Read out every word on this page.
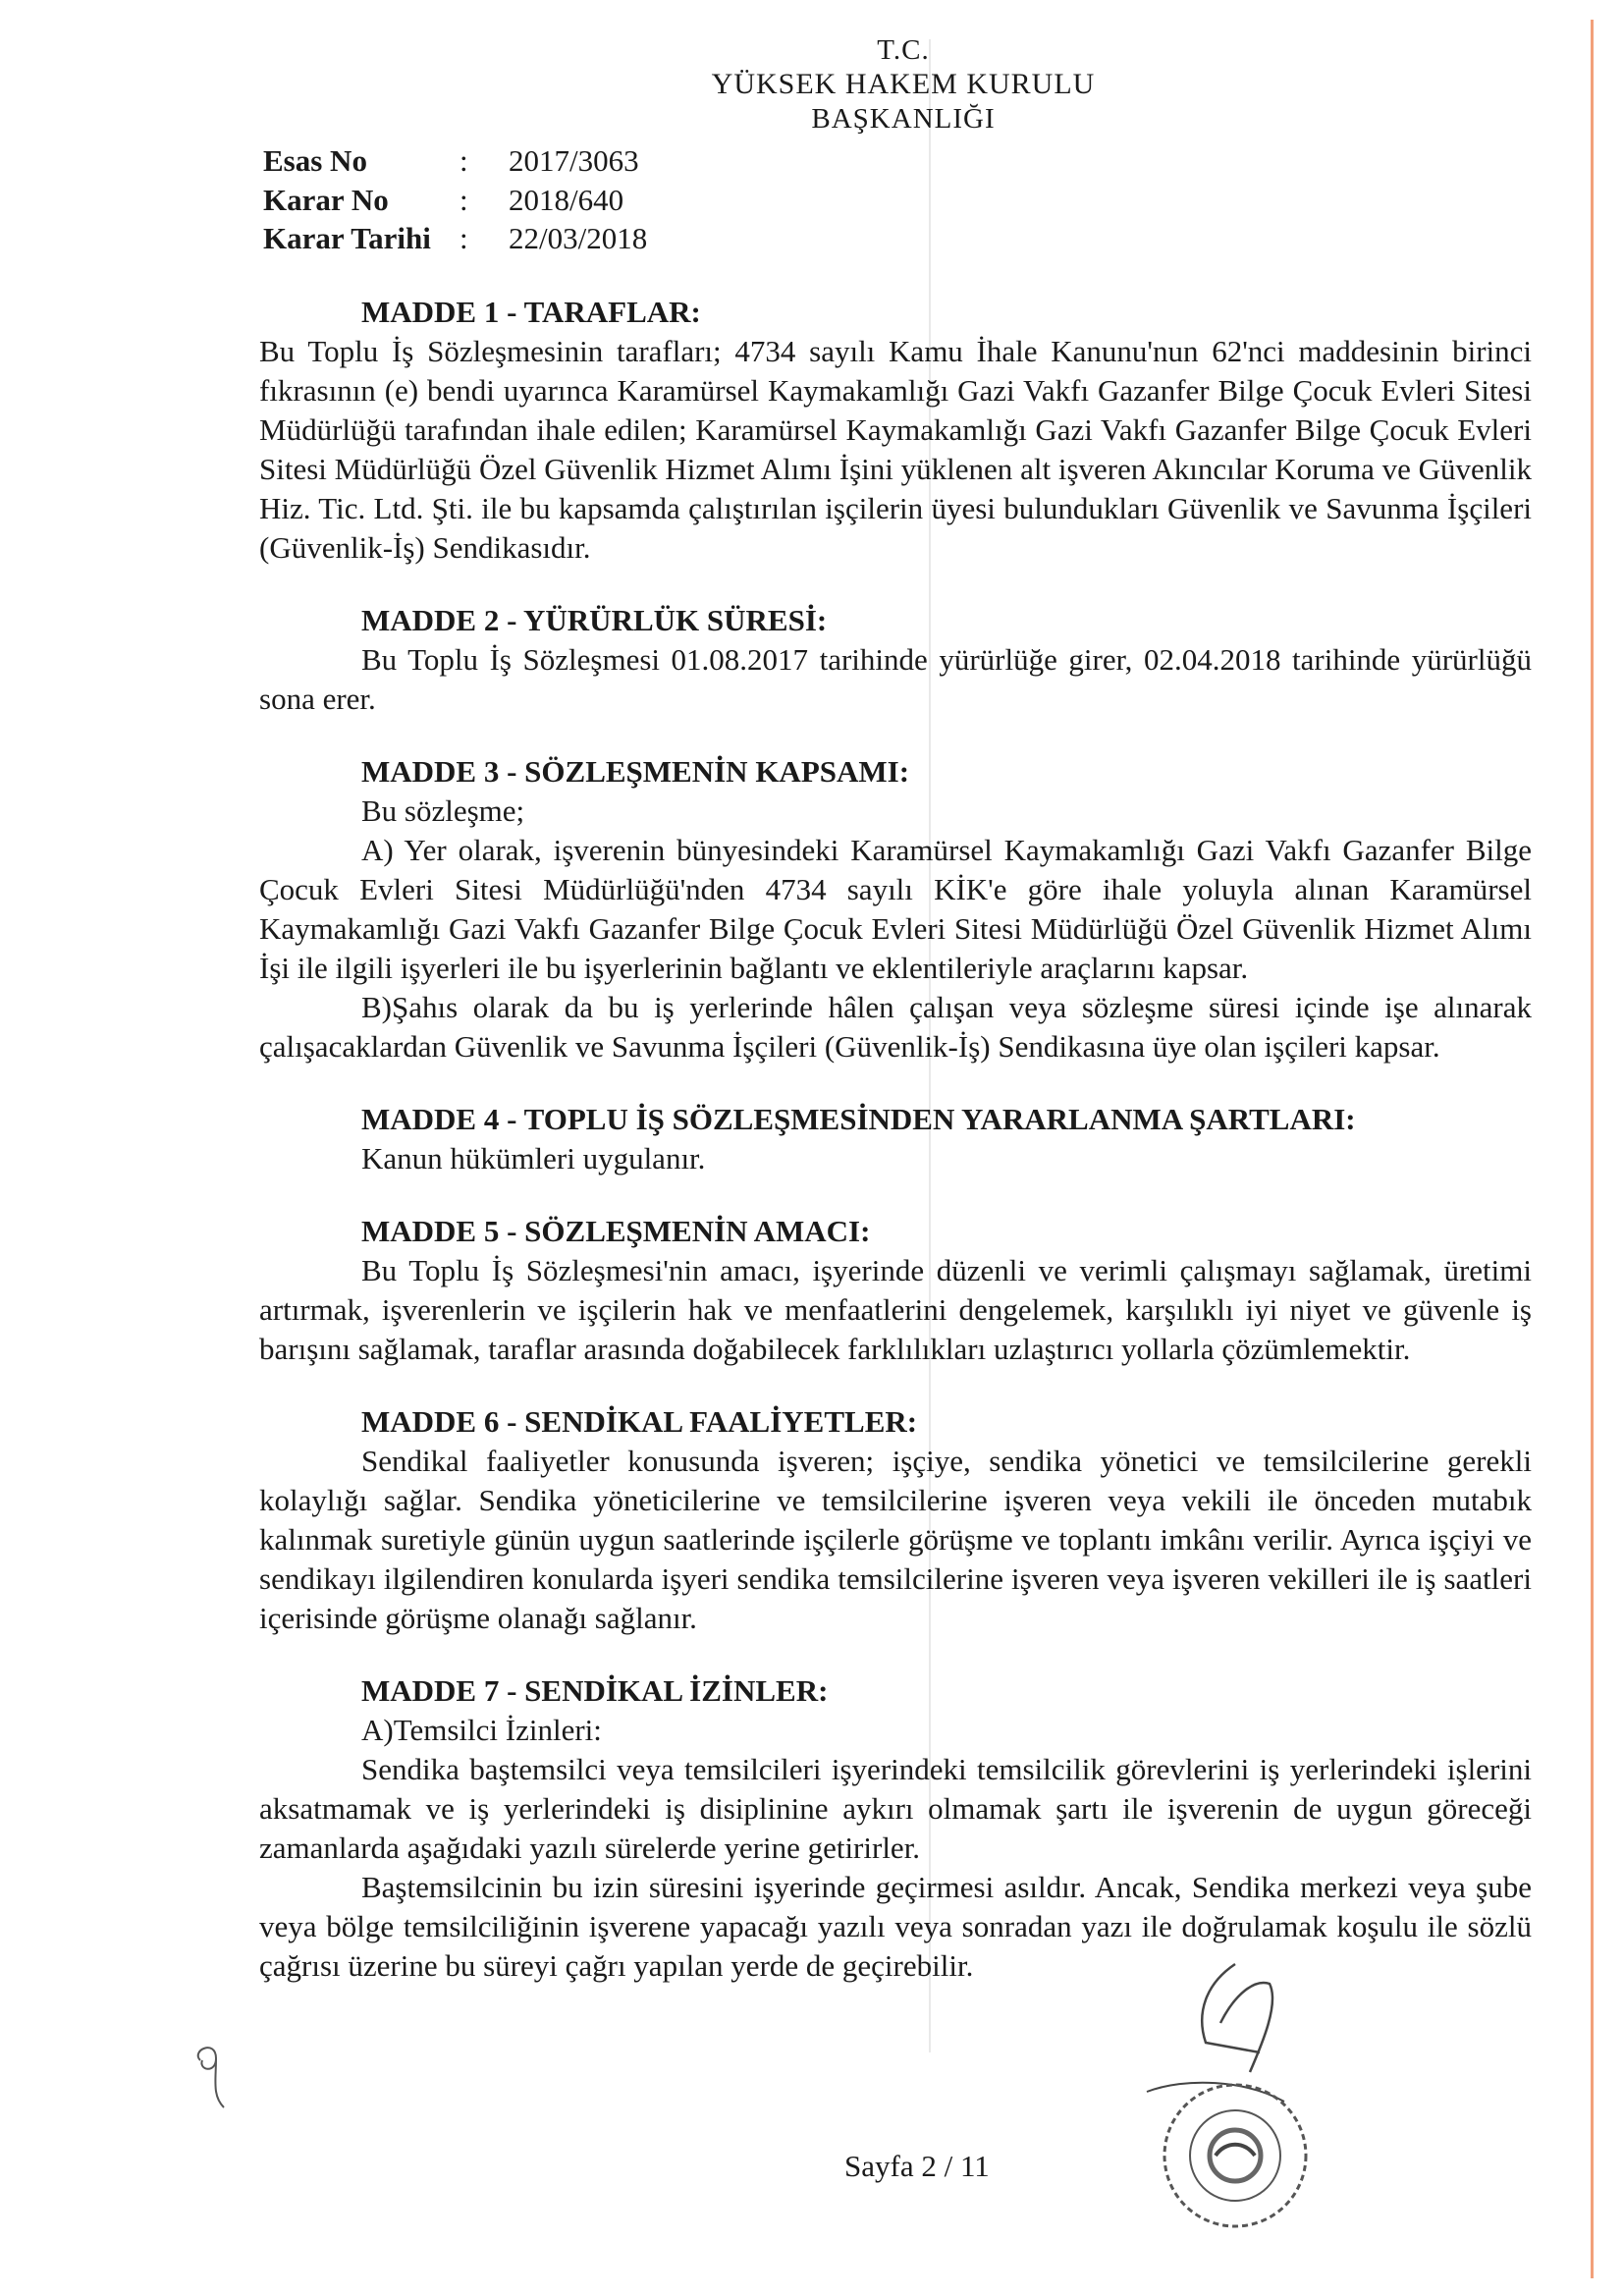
T.C.
YÜKSEK HAKEM KURULU
BAŞKANLIĞI
Esas No	:	2017/3063
Karar No	:	2018/640
Karar Tarihi	:	22/03/2018
MADDE 1 - TARAFLAR:

Bu Toplu İş Sözleşmesinin tarafları; 4734 sayılı Kamu İhale Kanunu'nun 62'nci maddesinin birinci fıkrasının (e) bendi uyarınca Karamürsel Kaymakamlığı Gazi Vakfı Gazanfer Bilge Çocuk Evleri Sitesi Müdürlüğü tarafından ihale edilen; Karamürsel Kaymakamlığı Gazi Vakfı Gazanfer Bilge Çocuk Evleri Sitesi Müdürlüğü Özel Güvenlik Hizmet Alımı İşini yüklenen alt işveren Akıncılar Koruma ve Güvenlik Hiz. Tic. Ltd. Şti. ile bu kapsamda çalıştırılan işçilerin üyesi bulundukları Güvenlik ve Savunma İşçileri (Güvenlik-İş) Sendikasıdır.

MADDE 2 - YÜRÜRLÜK SÜRESİ:

Bu Toplu İş Sözleşmesi 01.08.2017 tarihinde yürürlüğe girer, 02.04.2018 tarihinde yürürlüğü sona erer.

MADDE 3 - SÖZLEŞMENİN KAPSAMI:

Bu sözleşme;

A) Yer olarak, işverenin bünyesindeki Karamürsel Kaymakamlığı Gazi Vakfı Gazanfer Bilge Çocuk Evleri Sitesi Müdürlüğü'nden 4734 sayılı KİK'e göre ihale yoluyla alınan Karamürsel Kaymakamlığı Gazi Vakfı Gazanfer Bilge Çocuk Evleri Sitesi Müdürlüğü Özel Güvenlik Hizmet Alımı İşi ile ilgili işyerleri ile bu işyerlerinin bağlantı ve eklentileriyle araçlarını kapsar.

B)Şahıs olarak da bu iş yerlerinde hâlen çalışan veya sözleşme süresi içinde işe alınarak çalışacaklardan Güvenlik ve Savunma İşçileri (Güvenlik-İş) Sendikasına üye olan işçileri kapsar.

MADDE 4 - TOPLU İŞ SÖZLEŞMESİNDEN YARARLANMA ŞARTLARI:

Kanun hükümleri uygulanır.

MADDE 5 - SÖZLEŞMENİN AMACI:

Bu Toplu İş Sözleşmesi'nin amacı, işyerinde düzenli ve verimli çalışmayı sağlamak, üretimi artırmak, işverenlerin ve işçilerin hak ve menfaatlerini dengelemek, karşılıklı iyi niyet ve güvenle iş barışını sağlamak, taraflar arasında doğabilecek farklılıkları uzlaştırıcı yollarla çözümlemektir.

MADDE 6 - SENDİKAL FAALİYETLER:

Sendikal faaliyetler konusunda işveren; işçiye, sendika yönetici ve temsilcilerine gerekli kolaylığı sağlar. Sendika yöneticilerine ve temsilcilerine işveren veya vekili ile önceden mutabık kalınmak suretiyle günün uygun saatlerinde işçilerle görüşme ve toplantı imkânı verilir. Ayrıca işçiyi ve sendikayı ilgilendiren konularda işyeri sendika temsilcilerine işveren veya işveren vekilleri ile iş saatleri içerisinde görüşme olanağı sağlanır.

MADDE 7 - SENDİKAL İZİNLER:

A)Temsilci İzinleri:

Sendika baştemsilci veya temsilcileri işyerindeki temsilcilik görevlerini iş yerlerindeki işlerini aksatmamak ve iş yerlerindeki iş disiplinine aykırı olmamak şartı ile işverenin de uygun göreceği zamanlarda aşağıdaki yazılı sürelerde yerine getirirler.

Baştemsilcinin bu izin süresini işyerinde geçirmesi asıldır. Ancak, Sendika merkezi veya şube veya bölge temsilciliğinin işverene yapacağı yazılı veya sonradan yazı ile doğrulamak koşulu ile sözlü çağrısı üzerine bu süreyi çağrı yapılan yerde de geçirebilir.

Sayfa 2 / 11
